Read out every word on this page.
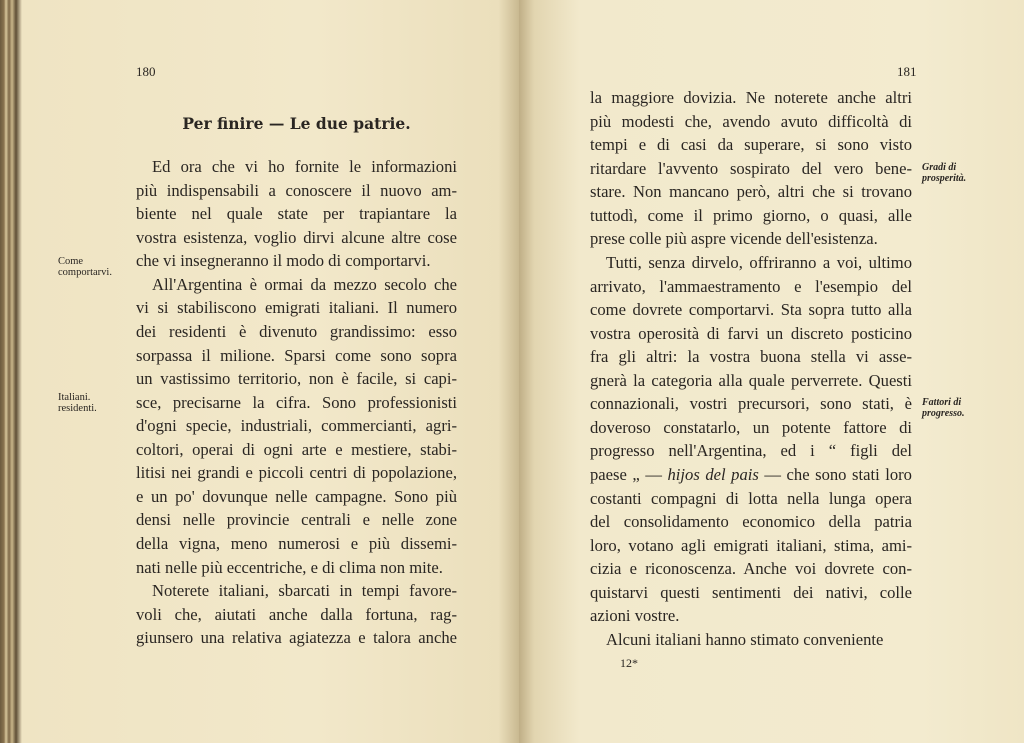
180
Per finire — Le due patrie.
Come comportarvi.
Italiani. residenti.
Ed ora che vi ho fornite le informazioni
più indispensabili a conoscere il nuovo am-
biente nel quale state per trapiantare la
vostra esistenza, voglio dirvi alcune altre cose
che vi insegneranno il modo di comportarvi.
All'Argentina è ormai da mezzo secolo che
vi si stabiliscono emigrati italiani. Il numero
dei residenti è divenuto grandissimo: esso
sorpassa il milione. Sparsi come sono sopra
un vastissimo territorio, non è facile, si capi-
sce, precisarne la cifra. Sono professionisti
d'ogni specie, industriali, commercianti, agri-
coltori, operai di ogni arte e mestiere, stabi-
litisi nei grandi e piccoli centri di popolazione,
e un po' dovunque nelle campagne. Sono più
densi nelle provincie centrali e nelle zone
della vigna, meno numerosi e più dissemi-
nati nelle più eccentriche, e di clima non mite.
Noterete italiani, sbarcati in tempi favore-
voli che, aiutati anche dalla fortuna, rag-
giunsero una relativa agiatezza e talora anche
181
Gradi di prosperità.
Fattori di progresso.
la maggiore dovizia. Ne noterete anche altri
più modesti che, avendo avuto difficoltà di
tempi e di casi da superare, si sono visto
ritardare l'avvento sospirato del vero bene-
stare. Non mancano però, altri che si trovano
tuttodì, come il primo giorno, o quasi, alle
prese colle più aspre vicende dell'esistenza.
Tutti, senza dirvelo, offriranno a voi, ultimo
arrivato, l'ammaestramento e l'esempio del
come dovrete comportarvi. Sta sopra tutto alla
vostra operosità di farvi un discreto posticino
fra gli altri: la vostra buona stella vi asse-
gnerà la categoria alla quale perverrete. Questi
connazionali, vostri precursori, sono stati, è
doveroso constatarlo, un potente fattore di
progresso nell'Argentina, ed i “ figli del
paese „ — hijos del pais — che sono stati loro
costanti compagni di lotta nella lunga opera
del consolidamento economico della patria
loro, votano agli emigrati italiani, stima, ami-
cizia e riconoscenza. Anche voi dovrete con-
quistarvi questi sentimenti dei nativi, colle
azioni vostre.
Alcuni italiani hanno stimato conveniente
12*
